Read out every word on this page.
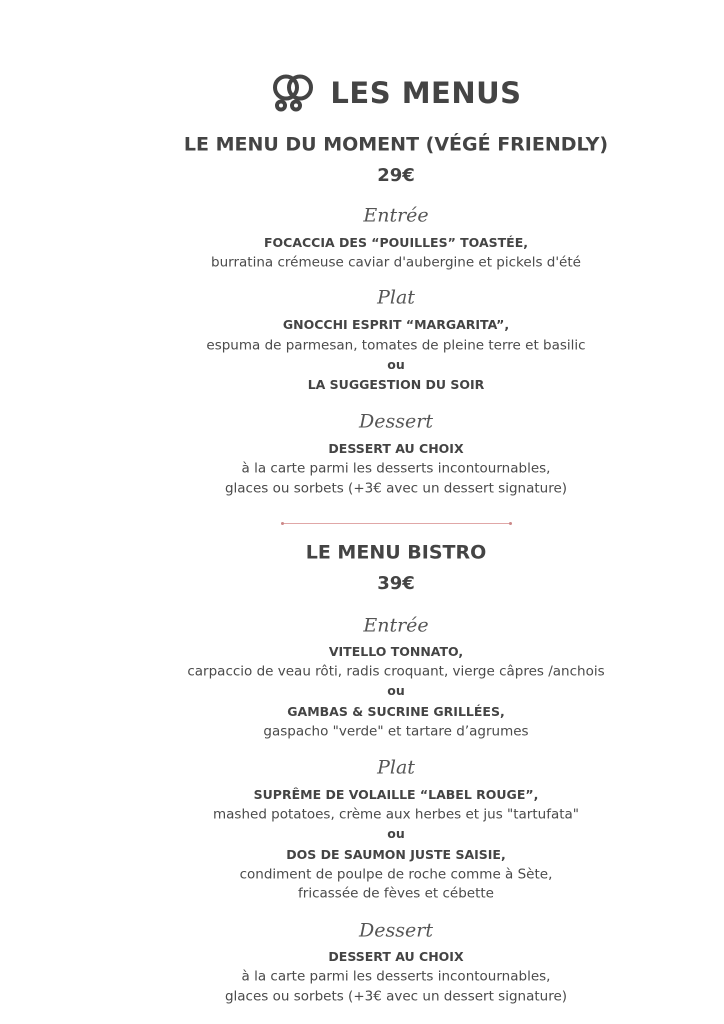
LES MENUS
LE MENU DU MOMENT (VÉGÉ FRIENDLY)
29€
Entrée
FOCACCIA DES “POUILLES” TOASTÉE,
burratina crémeuse caviar d'aubergine et pickels d'été
Plat
GNOCCHI ESPRIT “MARGARITA”,
espuma de parmesan, tomates de pleine terre et basilic
ou
LA SUGGESTION DU SOIR
Dessert
DESSERT AU CHOIX
à la carte parmi les desserts incontournables,
glaces ou sorbets (+3€ avec un dessert signature)
LE MENU BISTRO
39€
Entrée
VITELLO TONNATO,
carpaccio de veau rôti, radis croquant, vierge câpres /anchois
ou
GAMBAS & SUCRINE GRILLÉES,
gaspacho "verde" et tartare d’agrumes
Plat
SUPRÊME DE VOLAILLE “LABEL ROUGE”,
mashed potatoes, crème aux herbes et jus "tartufata"
ou
DOS DE SAUMON JUSTE SAISIE,
condiment de poulpe de roche comme à Sète,
fricassée de fèves et cébette
Dessert
DESSERT AU CHOIX
à la carte parmi les desserts incontournables,
glaces ou sorbets (+3€ avec un dessert signature)
